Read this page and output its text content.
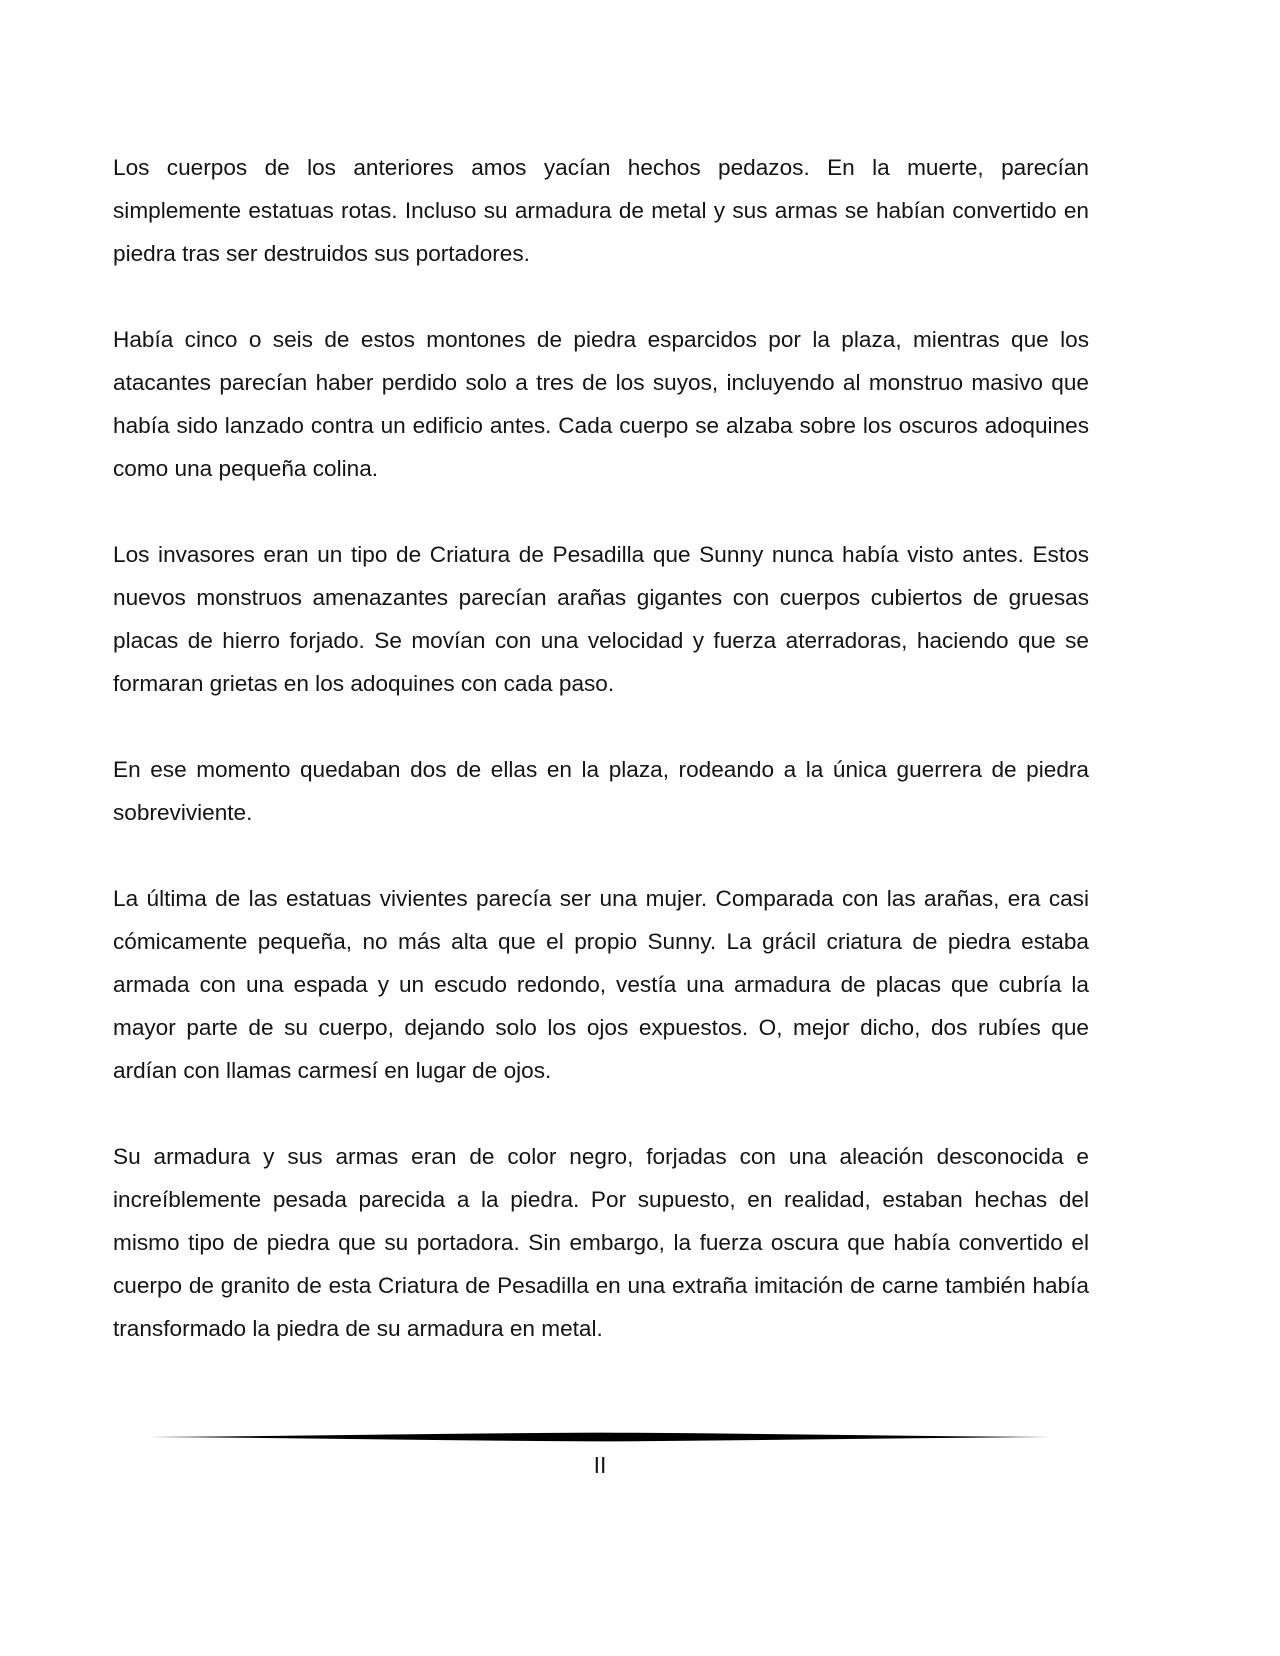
Los cuerpos de los anteriores amos yacían hechos pedazos. En la muerte, parecían simplemente estatuas rotas. Incluso su armadura de metal y sus armas se habían convertido en piedra tras ser destruidos sus portadores.

Había cinco o seis de estos montones de piedra esparcidos por la plaza, mientras que los atacantes parecían haber perdido solo a tres de los suyos, incluyendo al monstruo masivo que había sido lanzado contra un edificio antes. Cada cuerpo se alzaba sobre los oscuros adoquines como una pequeña colina.

Los invasores eran un tipo de Criatura de Pesadilla que Sunny nunca había visto antes. Estos nuevos monstruos amenazantes parecían arañas gigantes con cuerpos cubiertos de gruesas placas de hierro forjado. Se movían con una velocidad y fuerza aterradoras, haciendo que se formaran grietas en los adoquines con cada paso.

En ese momento quedaban dos de ellas en la plaza, rodeando a la única guerrera de piedra sobreviviente.

La última de las estatuas vivientes parecía ser una mujer. Comparada con las arañas, era casi cómicamente pequeña, no más alta que el propio Sunny. La grácil criatura de piedra estaba armada con una espada y un escudo redondo, vestía una armadura de placas que cubría la mayor parte de su cuerpo, dejando solo los ojos expuestos. O, mejor dicho, dos rubíes que ardían con llamas carmesí en lugar de ojos.

Su armadura y sus armas eran de color negro, forjadas con una aleación desconocida e increíblemente pesada parecida a la piedra. Por supuesto, en realidad, estaban hechas del mismo tipo de piedra que su portadora. Sin embargo, la fuerza oscura que había convertido el cuerpo de granito de esta Criatura de Pesadilla en una extraña imitación de carne también había transformado la piedra de su armadura en metal.

II
